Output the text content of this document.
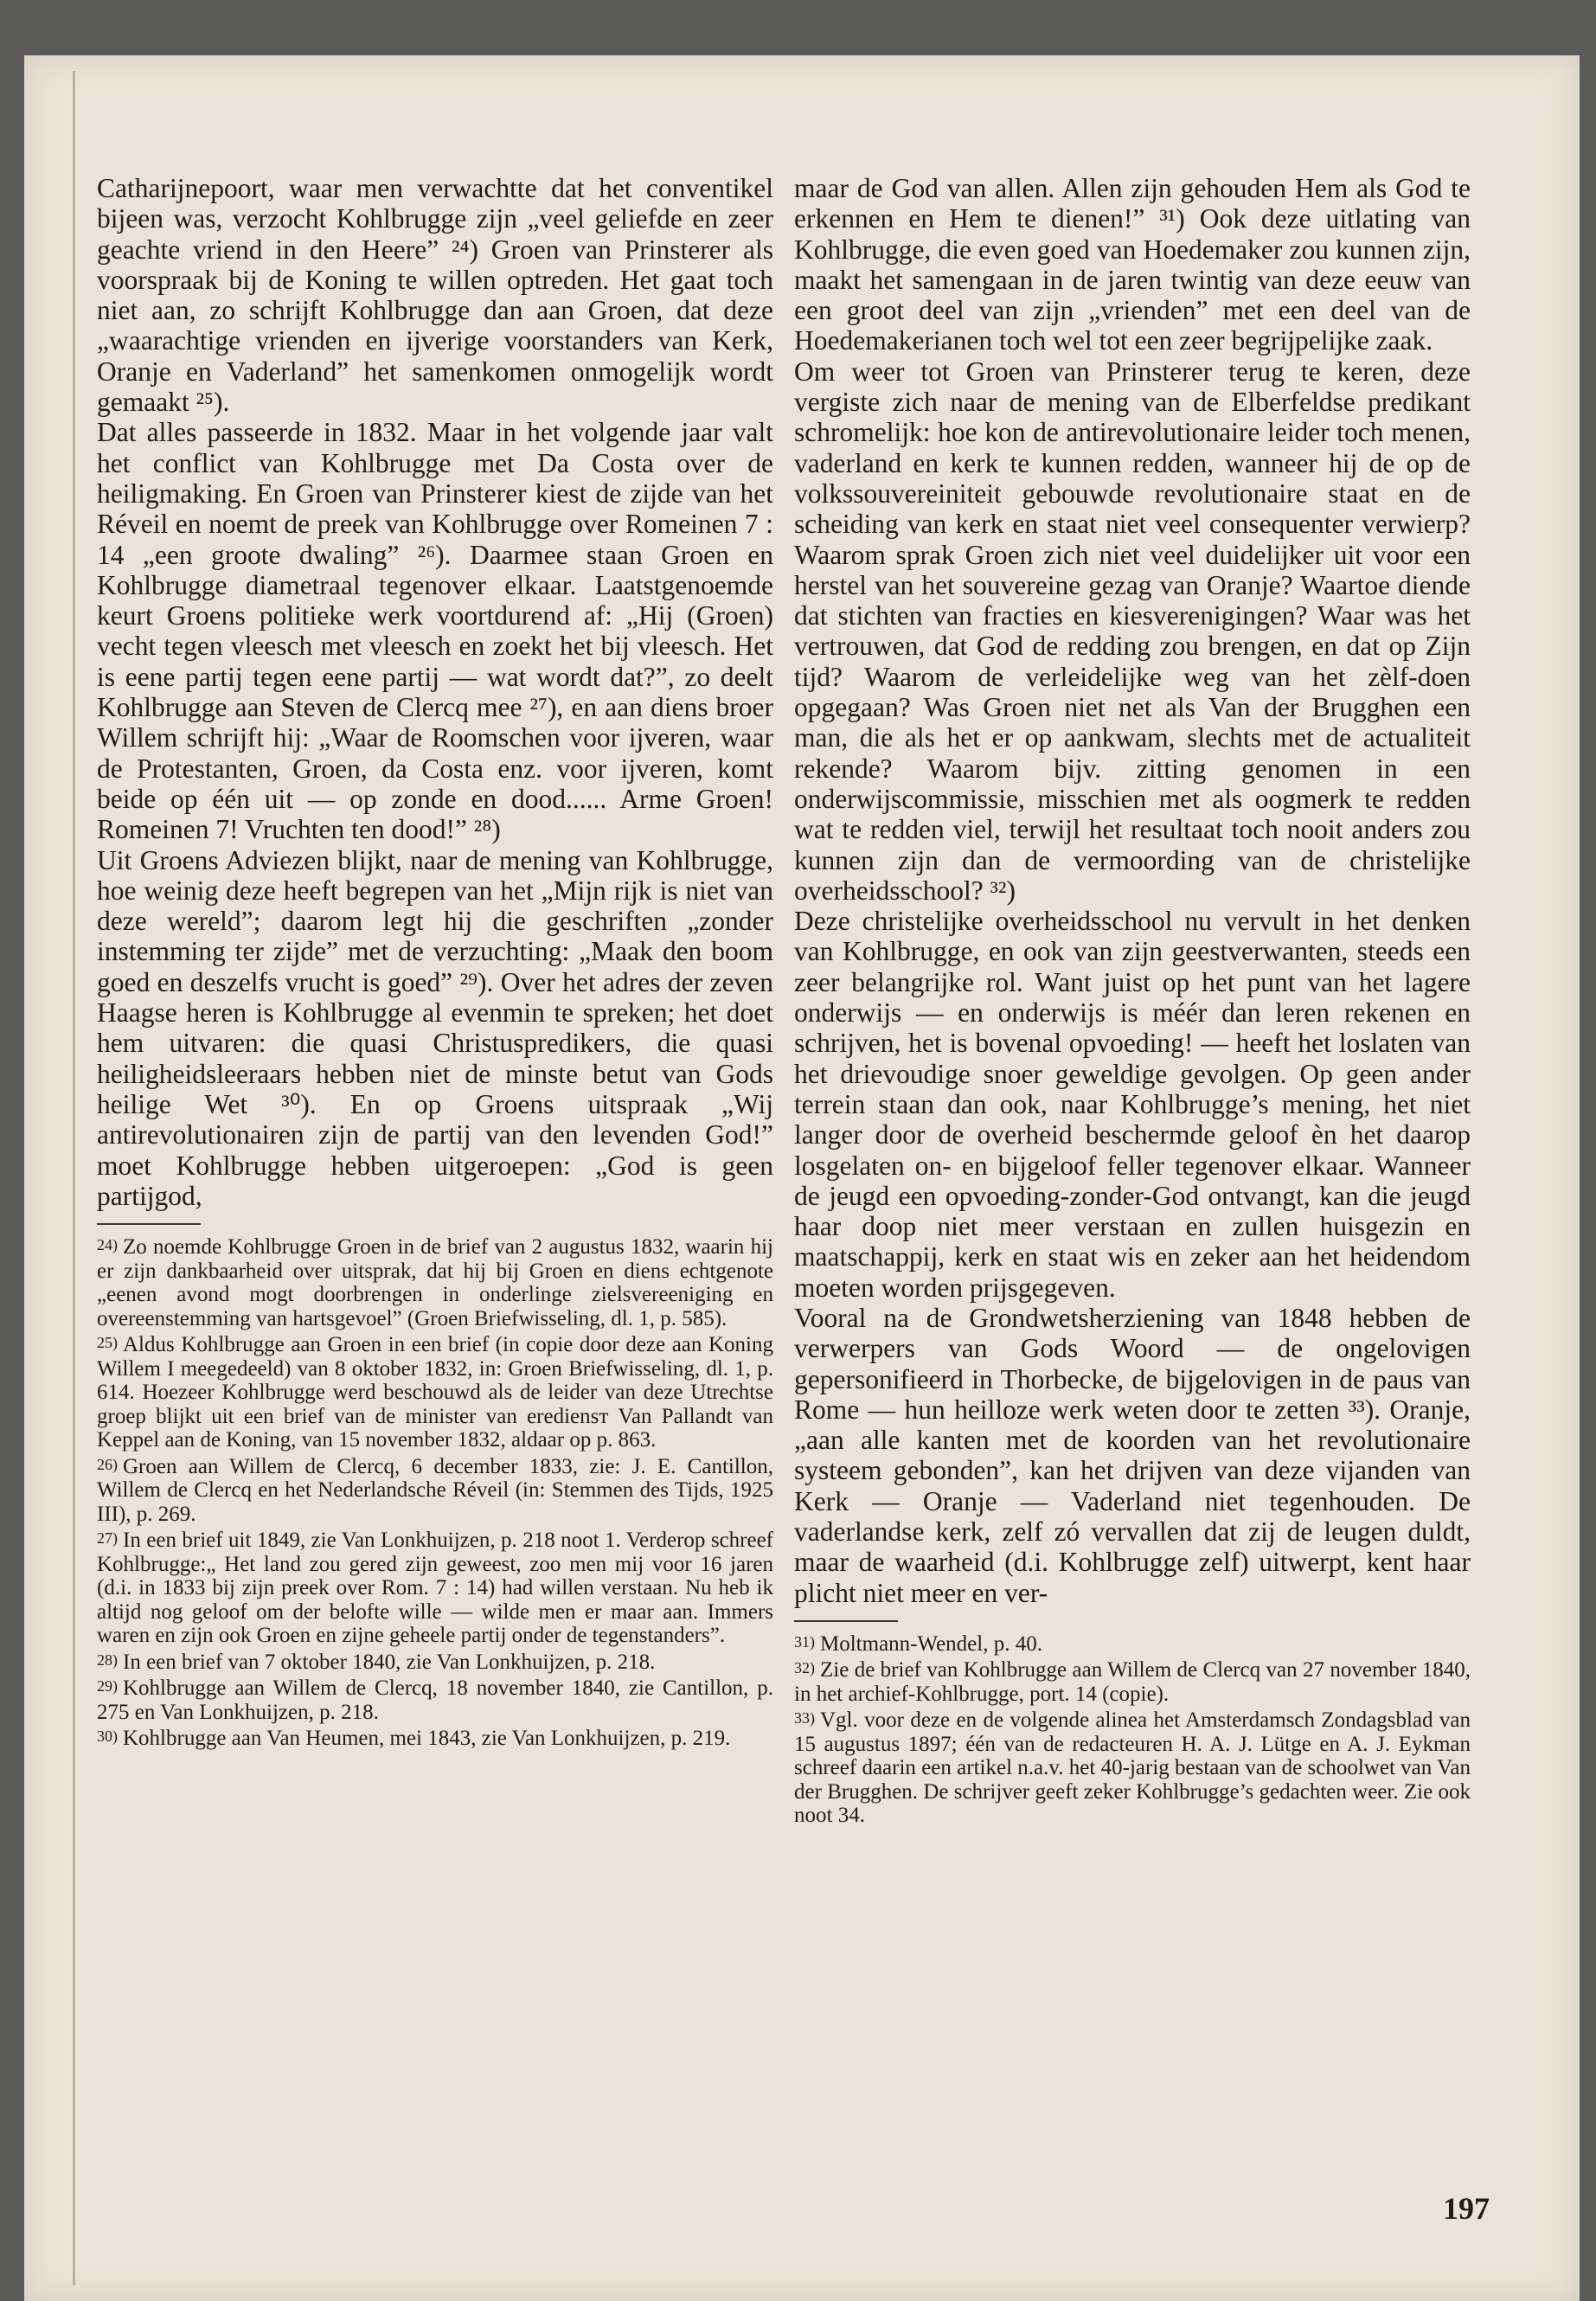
Catharijnepoort, waar men verwachtte dat het conventikel bijeen was, verzocht Kohlbrugge zijn „veel geliefde en zeer geachte vriend in den Heere” ²⁴) Groen van Prinsterer als voorspraak bij de Koning te willen optreden. Het gaat toch niet aan, zo schrijft Kohlbrugge dan aan Groen, dat deze „waarachtige vrienden en ijverige voorstanders van Kerk, Oranje en Vaderland” het samenkomen onmogelijk wordt gemaakt ²⁵).

Dat alles passeerde in 1832. Maar in het volgende jaar valt het conflict van Kohlbrugge met Da Costa over de heiligmaking. En Groen van Prinsterer kiest de zijde van het Réveil en noemt de preek van Kohlbrugge over Romeinen 7 : 14 „een groote dwaling” ²⁶). Daarmee staan Groen en Kohlbrugge diametraal tegenover elkaar. Laatstgenoemde keurt Groens politieke werk voortdurend af: „Hij (Groen) vecht tegen vleesch met vleesch en zoekt het bij vleesch. Het is eene partij tegen eene partij — wat wordt dat?”, zo deelt Kohlbrugge aan Steven de Clercq mee ²⁷), en aan diens broer Willem schrijft hij: „Waar de Roomschen voor ijveren, waar de Protestanten, Groen, da Costa enz. voor ijveren, komt beide op één uit — op zonde en dood...... Arme Groen! Romeinen 7! Vruchten ten dood!” ²⁸)

Uit Groens Adviezen blijkt, naar de mening van Kohlbrugge, hoe weinig deze heeft begrepen van het „Mijn rijk is niet van deze wereld”; daarom legt hij die geschriften „zonder instemming ter zijde” met de verzuchting: „Maak den boom goed en deszelfs vrucht is goed” ²⁹). Over het adres der zeven Haagse heren is Kohlbrugge al evenmin te spreken; het doet hem uitvaren: die quasi Christuspredikers, die quasi heiligheidsleeraars hebben niet de minste betut van Gods heilige Wet ³⁰). En op Groens uitspraak „Wij antirevolutionairen zijn de partij van den levenden God!” moet Kohlbrugge hebben uitgeroepen: „God is geen partijgod,

24) Zo noemde Kohlbrugge Groen in de brief van 2 augustus 1832, waarin hij er zijn dankbaarheid over uitsprak, dat hij bij Groen en diens echtgenote „eenen avond mogt doorbrengen in onderlinge zielsvereeniging en overeenstemming van hartsgevoel” (Groen Briefwisseling, dl. 1, p. 585).

25) Aldus Kohlbrugge aan Groen in een brief (in copie door deze aan Koning Willem I meegedeeld) van 8 oktober 1832, in: Groen Briefwisseling, dl. 1, p. 614. Hoezeer Kohlbrugge werd beschouwd als de leider van deze Utrechtse groep blijkt uit een brief van de minister van erediensт Van Pallandt van Keppel aan de Koning, van 15 november 1832, aldaar op p. 863.

26) Groen aan Willem de Clercq, 6 december 1833, zie: J. E. Cantillon, Willem de Clercq en het Nederlandsche Réveil (in: Stemmen des Tijds, 1925 III), p. 269.

27) In een brief uit 1849, zie Van Lonkhuijzen, p. 218 noot 1. Verderop schreef Kohlbrugge:„ Het land zou gered zijn geweest, zoo men mij voor 16 jaren (d.i. in 1833 bij zijn preek over Rom. 7 : 14) had willen verstaan. Nu heb ik altijd nog geloof om der belofte wille — wilde men er maar aan. Immers waren en zijn ook Groen en zijne geheele partij onder de tegenstanders”.

28) In een brief van 7 oktober 1840, zie Van Lonkhuijzen, p. 218.

29) Kohlbrugge aan Willem de Clercq, 18 november 1840, zie Cantillon, p. 275 en Van Lonkhuijzen, p. 218.

30) Kohlbrugge aan Van Heumen, mei 1843, zie Van Lonkhuijzen, p. 219.

maar de God van allen. Allen zijn gehouden Hem als God te erkennen en Hem te dienen!” ³¹) Ook deze uitlating van Kohlbrugge, die even goed van Hoedemaker zou kunnen zijn, maakt het samengaan in de jaren twintig van deze eeuw van een groot deel van zijn „vrienden” met een deel van de Hoedemakerianen toch wel tot een zeer begrijpelijke zaak.

Om weer tot Groen van Prinsterer terug te keren, deze vergiste zich naar de mening van de Elberfeldse predikant schromelijk: hoe kon de antirevolutionaire leider toch menen, vaderland en kerk te kunnen redden, wanneer hij de op de volkssouvereiniteit gebouwde revolutionaire staat en de scheiding van kerk en staat niet veel consequenter verwierp? Waarom sprak Groen zich niet veel duidelijker uit voor een herstel van het souvereine gezag van Oranje? Waartoe diende dat stichten van fracties en kiesverenigingen? Waar was het vertrouwen, dat God de redding zou brengen, en dat op Zijn tijd? Waarom de verleidelijke weg van het zèlf-doen opgegaan? Was Groen niet net als Van der Brugghen een man, die als het er op aankwam, slechts met de actualiteit rekende? Waarom bijv. zitting genomen in een onderwijscommissie, misschien met als oogmerk te redden wat te redden viel, terwijl het resultaat toch nooit anders zou kunnen zijn dan de vermoording van de christelijke overheidsschool? ³²)

Deze christelijke overheidsschool nu vervult in het denken van Kohlbrugge, en ook van zijn geestverwanten, steeds een zeer belangrijke rol. Want juist op het punt van het lagere onderwijs — en onderwijs is méér dan leren rekenen en schrijven, het is bovenal opvoeding! — heeft het loslaten van het drievoudige snoer geweldige gevolgen. Op geen ander terrein staan dan ook, naar Kohlbrugge’s mening, het niet langer door de overheid beschermde geloof èn het daarop losgelaten on- en bijgeloof feller tegenover elkaar. Wanneer de jeugd een opvoeding-zonder-God ontvangt, kan die jeugd haar doop niet meer verstaan en zullen huisgezin en maatschappij, kerk en staat wis en zeker aan het heidendom moeten worden prijsgegeven.

Vooral na de Grondwetsherziening van 1848 hebben de verwerpers van Gods Woord — de ongelovigen gepersonifieerd in Thorbecke, de bijgelovigen in de paus van Rome — hun heilloze werk weten door te zetten ³³). Oranje, „aan alle kanten met de koorden van het revolutionaire systeem gebonden”, kan het drijven van deze vijanden van Kerk — Oranje — Vaderland niet tegenhouden. De vaderlandse kerk, zelf zó vervallen dat zij de leugen duldt, maar de waarheid (d.i. Kohlbrugge zelf) uitwerpt, kent haar plicht niet meer en ver-

31) Moltmann-Wendel, p. 40.

32) Zie de brief van Kohlbrugge aan Willem de Clercq van 27 november 1840, in het archief-Kohlbrugge, port. 14 (copie).

33) Vgl. voor deze en de volgende alinea het Amsterdamsch Zondagsblad van 15 augustus 1897; één van de redacteuren H. A. J. Lütge en A. J. Eykman schreef daarin een artikel n.a.v. het 40-jarig bestaan van de schoolwet van Van der Brugghen. De schrijver geeft zeker Kohlbrugge’s gedachten weer. Zie ook noot 34.

197
